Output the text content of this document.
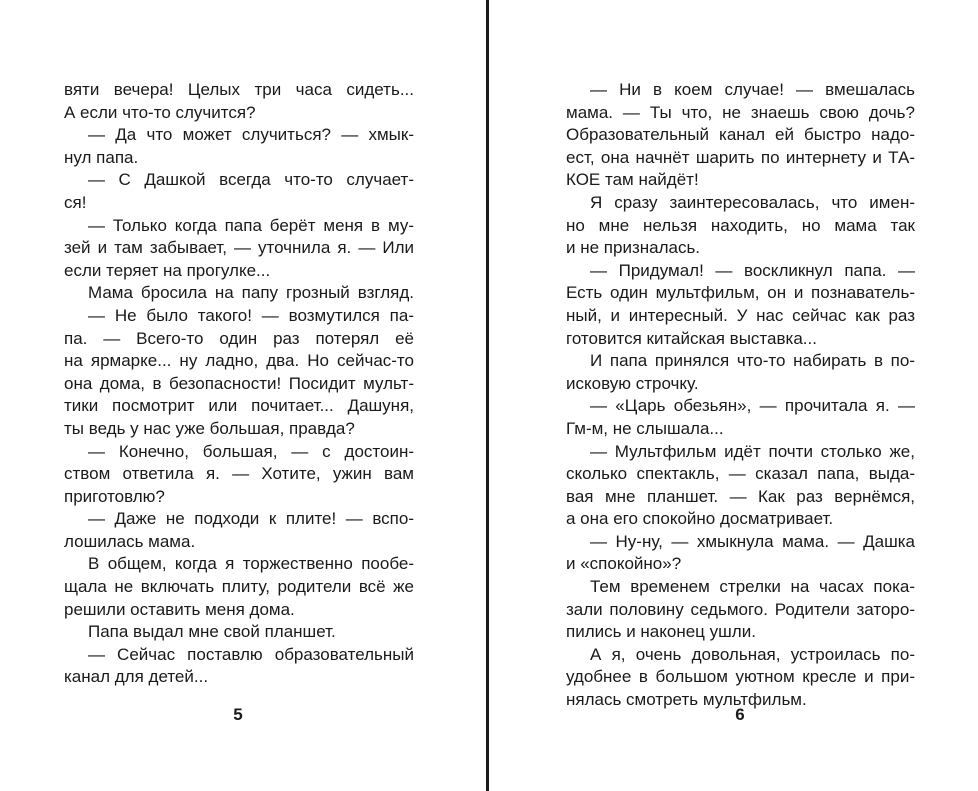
вяти вечера! Целых три часа сидеть...
А если что-то случится?
— Да что может случиться? — хмык-
нул папа.
— С Дашкой всегда что-то случает-
ся!
— Только когда папа берёт меня в му-
зей и там забывает, — уточнила я. — Или
если теряет на прогулке...
Мама бросила на папу грозный взгляд.
— Не было такого! — возмутился па-
па. — Всего-то один раз потерял её
на ярмарке... ну ладно, два. Но сейчас-то
она дома, в безопасности! Посидит мульт-
тики посмотрит или почитает... Дашуня,
ты ведь у нас уже большая, правда?
— Конечно, большая, — с достоин-
ством ответила я. — Хотите, ужин вам
приготовлю?
— Даже не подходи к плите! — вспо-
лошилась мама.
В общем, когда я торжественно пообе-
щала не включать плиту, родители всё же
решили оставить меня дома.
Папа выдал мне свой планшет.
— Сейчас поставлю образовательный
канал для детей...
5
— Ни в коем случае! — вмешалась
мама. — Ты что, не знаешь свою дочь?
Образовательный канал ей быстро надо-
ест, она начнёт шарить по интернету и ТА-
КОЕ там найдёт!
Я сразу заинтересовалась, что имен-
но мне нельзя находить, но мама так
и не призналась.
— Придумал! — воскликнул папа. —
Есть один мультфильм, он и познаватель-
ный, и интересный. У нас сейчас как раз
готовится китайская выставка...
И папа принялся что-то набирать в по-
исковую строчку.
— «Царь обезьян», — прочитала я. —
Гм-м, не слышала...
— Мультфильм идёт почти столько же,
сколько спектакль, — сказал папа, выда-
вая мне планшет. — Как раз вернёмся,
а она его спокойно досматривает.
— Ну-ну, — хмыкнула мама. — Дашка
и «спокойно»?
Тем временем стрелки на часах пока-
зали половину седьмого. Родители заторо-
пились и наконец ушли.
А я, очень довольная, устроилась по-
удобнее в большом уютном кресле и при-
нялась смотреть мультфильм.
6
